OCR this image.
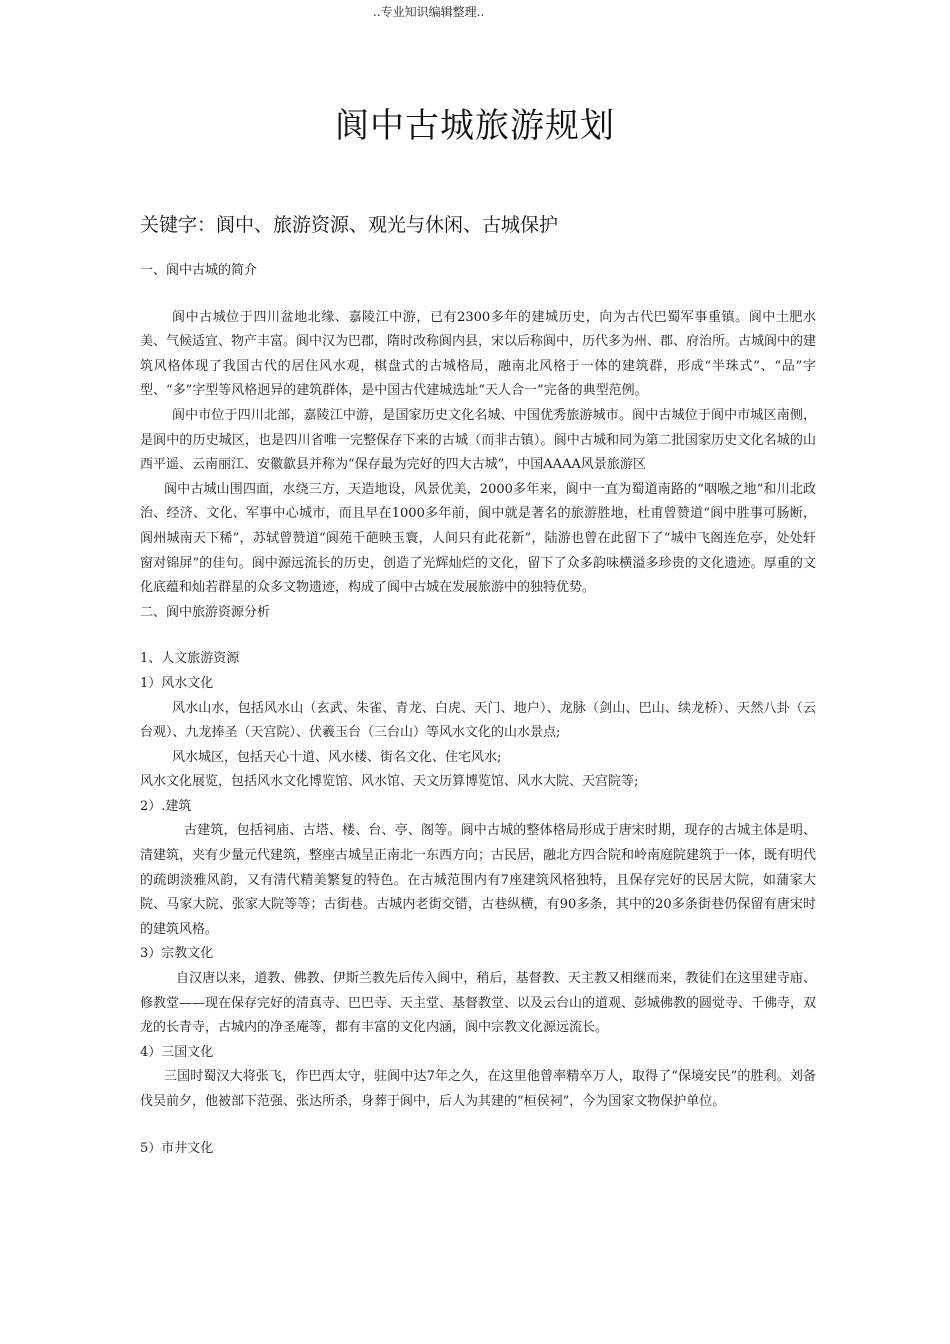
..专业知识编辑整理..
阆中古城旅游规划
关键字：阆中、旅游资源、观光与休闲、古城保护

一、阆中古城的简介

阆中古城位于四川盆地北缘、嘉陵江中游，已有2300多年的建城历史，向为古代巴蜀军事重镇。阆中土肥水美、气候适宜、物产丰富。阆中汉为巴郡，隋时改称阆内县，宋以后称阆中，历代多为州、郡、府治所。古城阆中的建筑风格体现了我国古代的居住风水观，棋盘式的古城格局，融南北风格于一体的建筑群，形成“半珠式”、“品”字型、“多”字型等风格迥异的建筑群体，是中国古代建城选址“天人合一”完备的典型范例。

阆中市位于四川北部，嘉陵江中游，是国家历史文化名城、中国优秀旅游城市。阆中古城位于阆中市城区南侧，是阆中的历史城区，也是四川省唯一完整保存下来的古城（而非古镇）。阆中古城和同为第二批国家历史文化名城的山西平遥、云南丽江、安徽歙县并称为“保存最为完好的四大古城”，中国AAAA风景旅游区

阆中古城山围四面，水绕三方，天造地设，风景优美，2000多年来，阆中一直为蜀道南路的“咽喉之地”和川北政治、经济、文化、军事中心城市，而且早在1000多年前，阆中就是著名的旅游胜地，杜甫曾赞道“阆中胜事可肠断，阆州城南天下稀”，苏轼曾赞道“阆苑千葩映玉寰，人间只有此花新”，陆游也曾在此留下了“城中飞阁连危亭，处处轩窗对锦屏”的佳句。阆中源远流长的历史，创造了光辉灿烂的文化，留下了众多韵味横溢多珍贵的文化遗迹。厚重的文化底蕴和灿若群星的众多文物遗迹，构成了阆中古城在发展旅游中的独特优势。

二、阆中旅游资源分析

1、人文旅游资源

1）风水文化

风水山水，包括风水山（玄武、朱雀、青龙、白虎、天门、地户）、龙脉（剑山、巴山、续龙桥）、天然八卦（云台观）、九龙捧圣（天宫院）、伏羲玉台（三台山）等风水文化的山水景点;

风水城区，包括天心十道、风水楼、街名文化、住宅风水;

风水文化展览，包括风水文化博览馆、风水馆、天文历算博览馆、风水大院、天宫院等;

2）.建筑

古建筑，包括祠庙、古塔、楼、台、亭、阁等。阆中古城的整体格局形成于唐宋时期，现存的古城主体是明、清建筑，夹有少量元代建筑，整座古城呈正南北一东西方向；古民居，融北方四合院和岭南庭院建筑于一体，既有明代的疏朗淡雅风韵，又有清代精美繁复的特色。在古城范围内有7座建筑风格独特，且保存完好的民居大院，如蒲家大院、马家大院、张家大院等等；古街巷。古城内老街交错，古巷纵横，有90多条，其中的20多条街巷仍保留有唐宋时的建筑风格。

3）宗教文化

自汉唐以来，道教、佛教、伊斯兰教先后传入阆中，稍后，基督教、天主教又相继而来，教徒们在这里建寺庙、修教堂——现在保存完好的清真寺、巴巴寺、天主堂、基督教堂、以及云台山的道观、彭城佛教的圆觉寺、千佛寺，双龙的长青寺，古城内的净圣庵等，都有丰富的文化内涵，阆中宗教文化源远流长。

4）三国文化

三国时蜀汉大将张飞，作巴西太守，驻阆中达7年之久，在这里他曾率精卒万人，取得了“保境安民”的胜利。刘备伐吴前夕，他被部下范强、张达所杀，身葬于阆中，后人为其建的“桓侯祠”，今为国家文物保护单位。

5）市井文化
